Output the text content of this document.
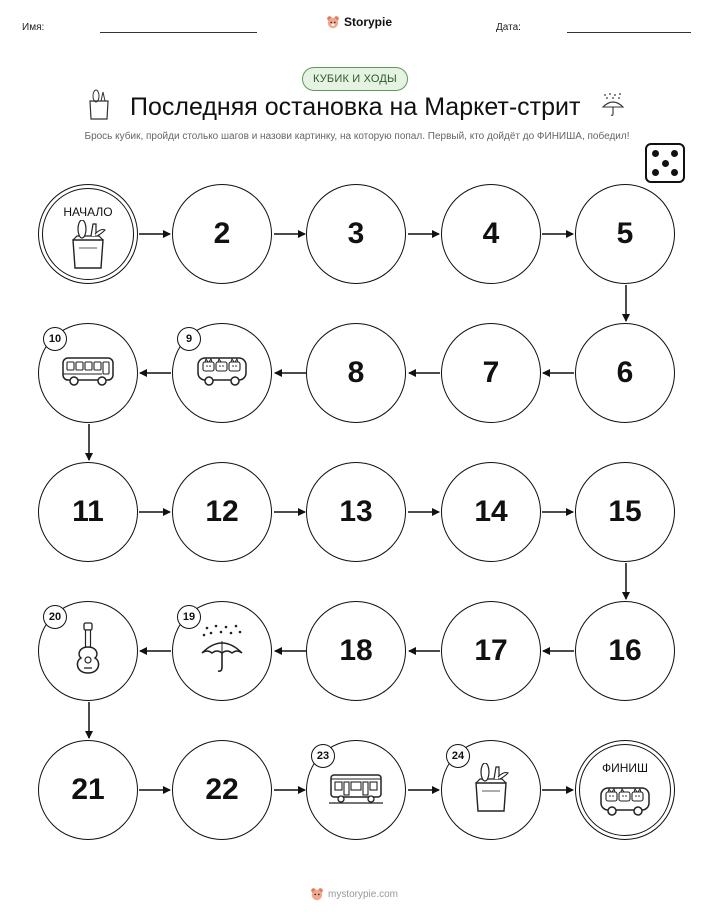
Имя:	Storypie	Дата:
КУБИК И ХОДЫ
Последняя остановка на Маркет-стрит
Брось кубик, пройди столько шагов и назови картинку, на которую попал. Первый, кто дойдёт до ФИНИША, победил!
НАЧАЛО
2	3	4	5
6
7
8
9
10
11	12	13	14	15
16
17
18
19
20
21	22
23	24
ФИНИШ
mystorypie.com
